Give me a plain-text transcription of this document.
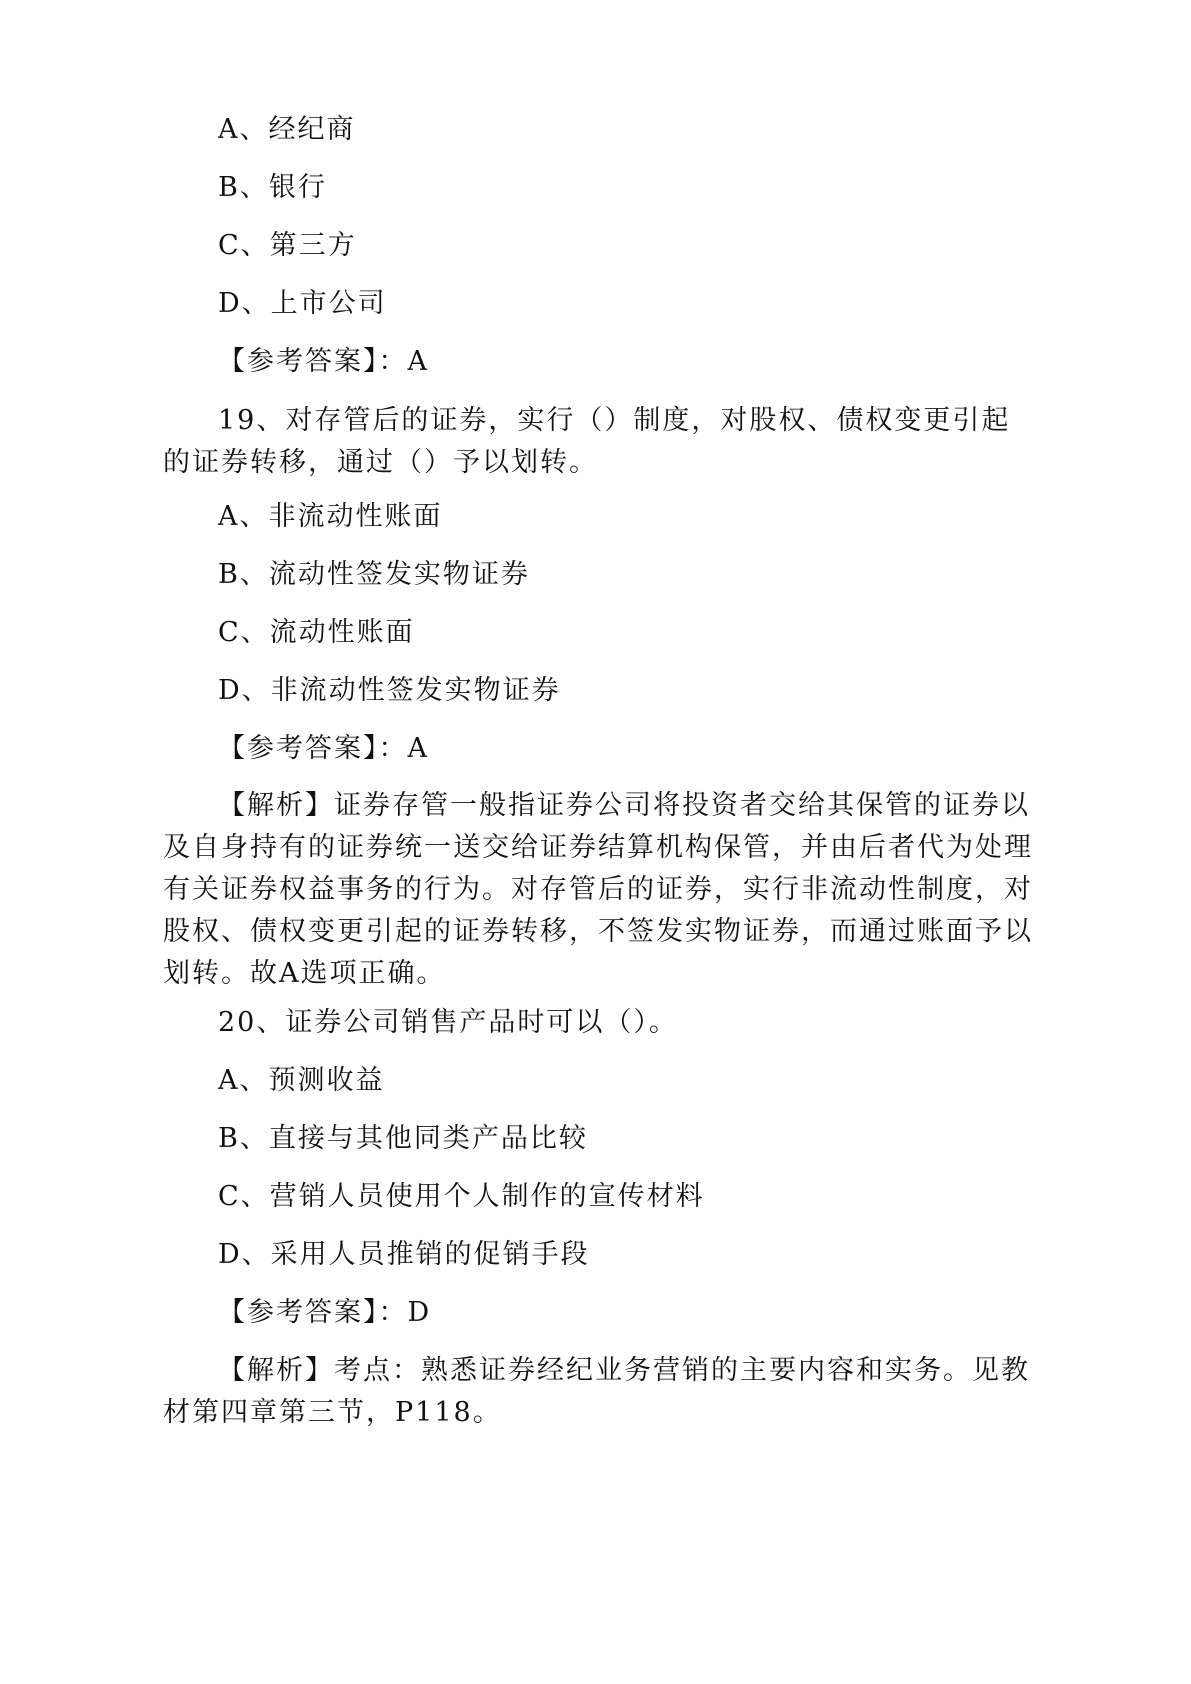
A、经纪商
B、银行
C、第三方
D、上市公司
【参考答案】：A
19、对存管后的证券，实行（）制度，对股权、债权变更引起的证券转移，通过（）予以划转。
A、非流动性账面
B、流动性签发实物证券
C、流动性账面
D、非流动性签发实物证券
【参考答案】：A
【解析】证券存管一般指证券公司将投资者交给其保管的证券以及自身持有的证券统一送交给证券结算机构保管，并由后者代为处理有关证券权益事务的行为。对存管后的证券，实行非流动性制度，对股权、债权变更引起的证券转移，不签发实物证券，而通过账面予以划转。故A选项正确。
20、证券公司销售产品时可以（）。
A、预测收益
B、直接与其他同类产品比较
C、营销人员使用个人制作的宣传材料
D、采用人员推销的促销手段
【参考答案】：D
【解析】考点：熟悉证券经纪业务营销的主要内容和实务。见教材第四章第三节，P118。
